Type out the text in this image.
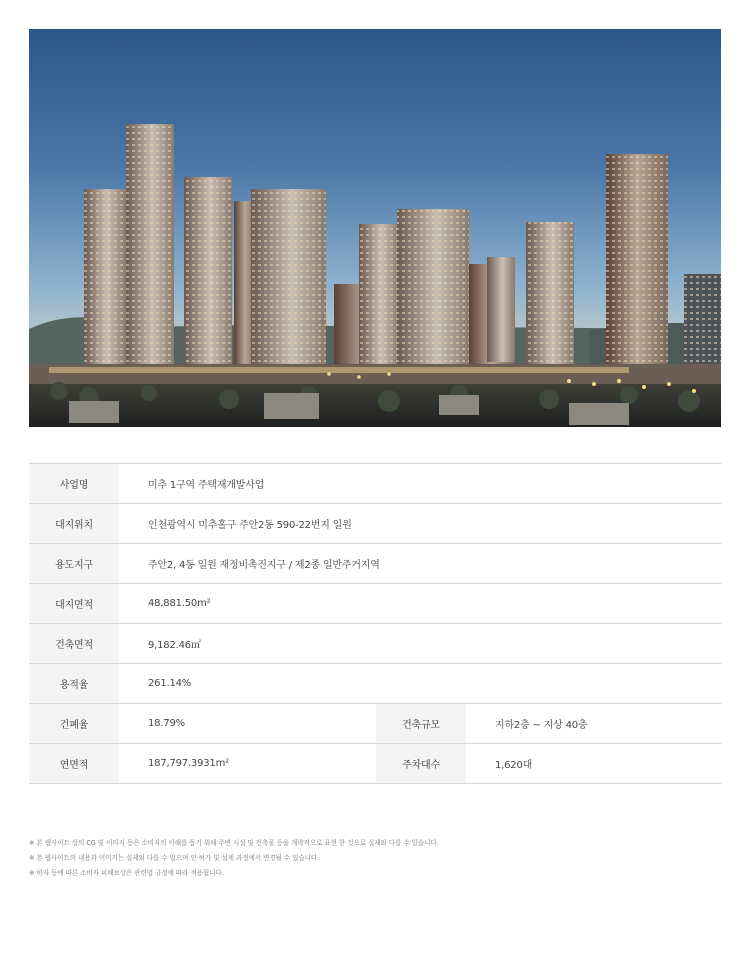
사업명	미추 1구역 주택재개발사업		
대지위치	인천광역시 미추홀구 주안2동 590-22번지 일원		
용도지구	주안2, 4동 일원 재정비촉진지구 / 제2종 일반주거지역		
대지면적	48,881.50m²		
건축면적	9,182.46㎡		
용적율	261.14%		
건폐율	18.79%	건축규모	지하2층 ~ 지상 40층
연면적	187,797.3931m²	주차대수	1,620대
※ 본 웹사이트 상의 CG 및 이미지 등은 소비자의 이해를 돕기 위해 주변 시설 및 건축물 등을 개략적으로 표현 한 것으로 실제와 다를 수 있습니다.
※ 본 웹사이트의 내용과 이미지는 실제와 다를 수 있으며 인·허가 및 설계 과정에서 변경될 수 있습니다.
※ 하자 등에 따른 소비자 피해보상은 관련법 규정에 따라 적용됩니다.
